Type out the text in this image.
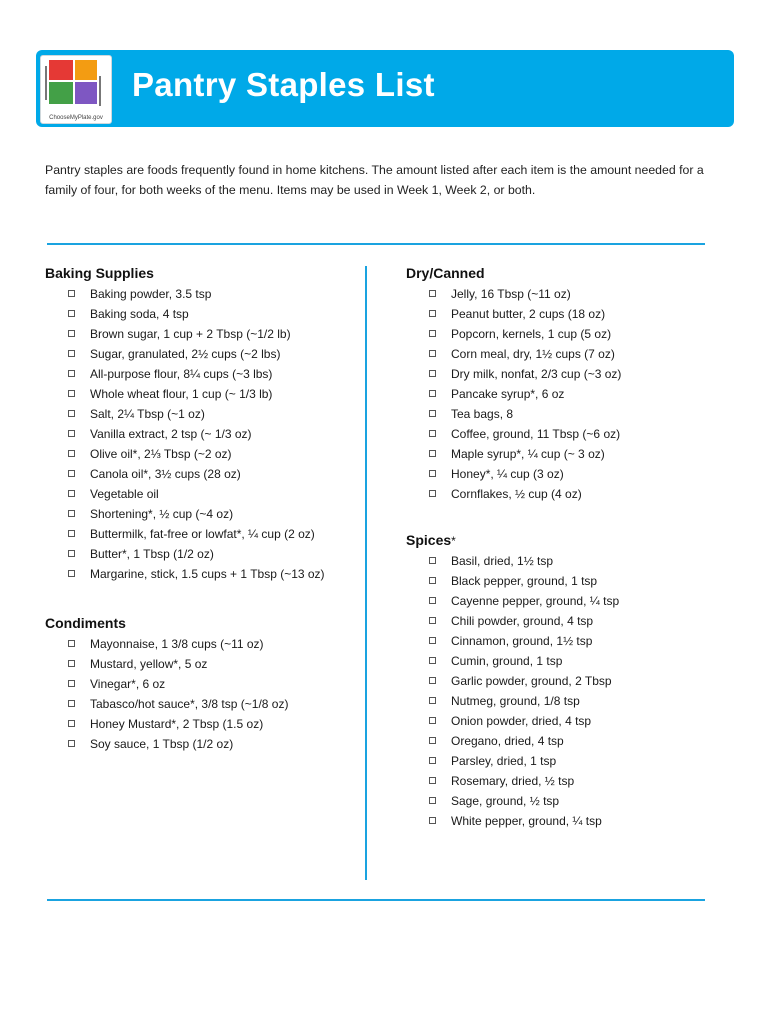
ChooseMyPlate.gov
Pantry Staples List
Pantry staples are foods frequently found in home kitchens. The amount listed after each item is the amount needed for a family of four, for both weeks of the menu. Items may be used in Week 1, Week 2, or both.
Baking Supplies
Baking powder, 3.5 tsp
Baking soda, 4 tsp
Brown sugar, 1 cup + 2 Tbsp (~1/2 lb)
Sugar, granulated, 2½ cups (~2 lbs)
All-purpose flour, 8¼ cups (~3 lbs)
Whole wheat flour, 1 cup (~ 1/3 lb)
Salt, 2¼ Tbsp (~1 oz)
Vanilla extract, 2 tsp (~ 1/3 oz)
Olive oil*, 2⅓ Tbsp (~2 oz)
Canola oil*, 3½ cups (28 oz)
Vegetable oil
Shortening*, ½ cup (~4 oz)
Buttermilk, fat-free or lowfat*, ¼ cup (2 oz)
Butter*, 1 Tbsp (1/2 oz)
Margarine, stick, 1.5 cups + 1 Tbsp (~13 oz)
Condiments
Mayonnaise, 1 3/8 cups (~11 oz)
Mustard, yellow*, 5 oz
Vinegar*, 6 oz
Tabasco/hot sauce*, 3/8 tsp (~1/8 oz)
Honey Mustard*, 2 Tbsp (1.5 oz)
Soy sauce, 1 Tbsp (1/2 oz)
Dry/Canned
Jelly, 16 Tbsp (~11 oz)
Peanut butter, 2 cups (18 oz)
Popcorn, kernels, 1 cup (5 oz)
Corn meal, dry, 1½ cups (7 oz)
Dry milk, nonfat, 2/3 cup (~3 oz)
Pancake syrup*, 6 oz
Tea bags, 8
Coffee, ground, 11 Tbsp (~6 oz)
Maple syrup*, ¼ cup (~ 3 oz)
Honey*, ¼ cup (3 oz)
Cornflakes, ½ cup (4 oz)
Spices*
Basil, dried, 1½ tsp
Black pepper, ground, 1 tsp
Cayenne pepper, ground, ¼ tsp
Chili powder, ground, 4 tsp
Cinnamon, ground, 1½ tsp
Cumin, ground, 1 tsp
Garlic powder, ground, 2 Tbsp
Nutmeg, ground, 1/8 tsp
Onion powder, dried, 4 tsp
Oregano, dried, 4 tsp
Parsley, dried, 1 tsp
Rosemary, dried, ½ tsp
Sage, ground, ½ tsp
White pepper, ground, ¼ tsp
